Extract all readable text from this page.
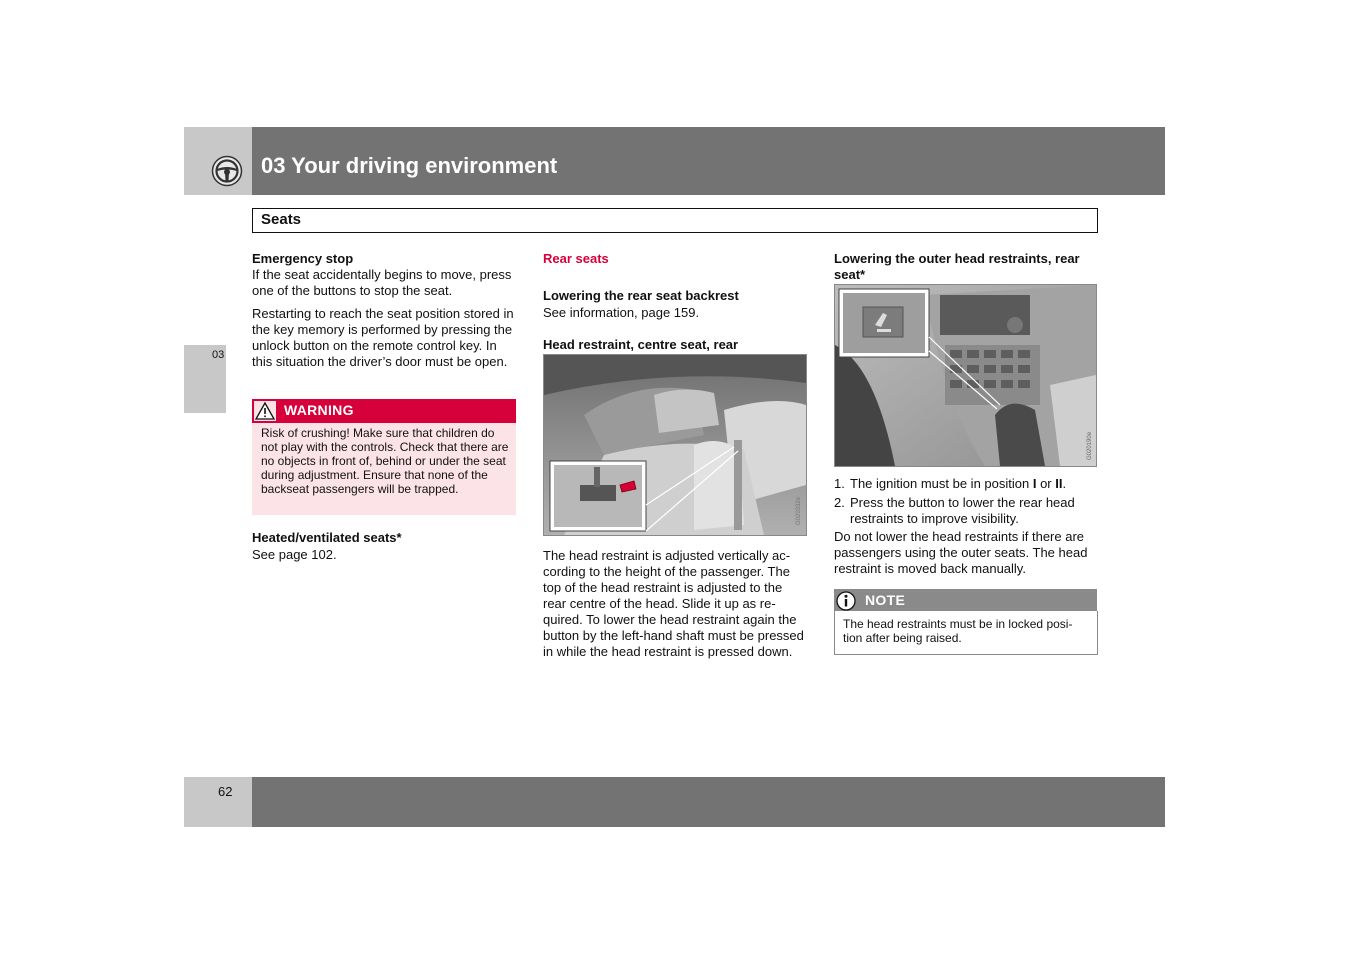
03 Your driving environment
Seats
03
Emergency stop
If the seat accidentally begins to move, press one of the buttons to stop the seat.
Restarting to reach the seat position stored in the key memory is performed by pressing the unlock button on the remote control key. In this situation the driver’s door must be open.
WARNING
Risk of crushing! Make sure that children do not play with the controls. Check that there are no objects in front of, behind or under the seat during adjustment. Ensure that none of the backseat passengers will be trapped.
Heated/ventilated seats*
See page 102.
Rear seats
Lowering the rear seat backrest
See information, page 159.
Head restraint, centre seat, rear
G020332e
The head restraint is adjusted vertically ac-cording to the height of the passenger. The top of the head restraint is adjusted to the rear centre of the head. Slide it up as re-quired. To lower the head restraint again the button by the left-hand shaft must be pressed in while the head restraint is pressed down.
Lowering the outer head restraints, rear seat*
G020190e
1. The ignition must be in position I or II.
2. Press the button to lower the rear head restraints to improve visibility.
Do not lower the head restraints if there are passengers using the outer seats. The head restraint is moved back manually.
NOTE
The head restraints must be in locked posi-tion after being raised.
62
